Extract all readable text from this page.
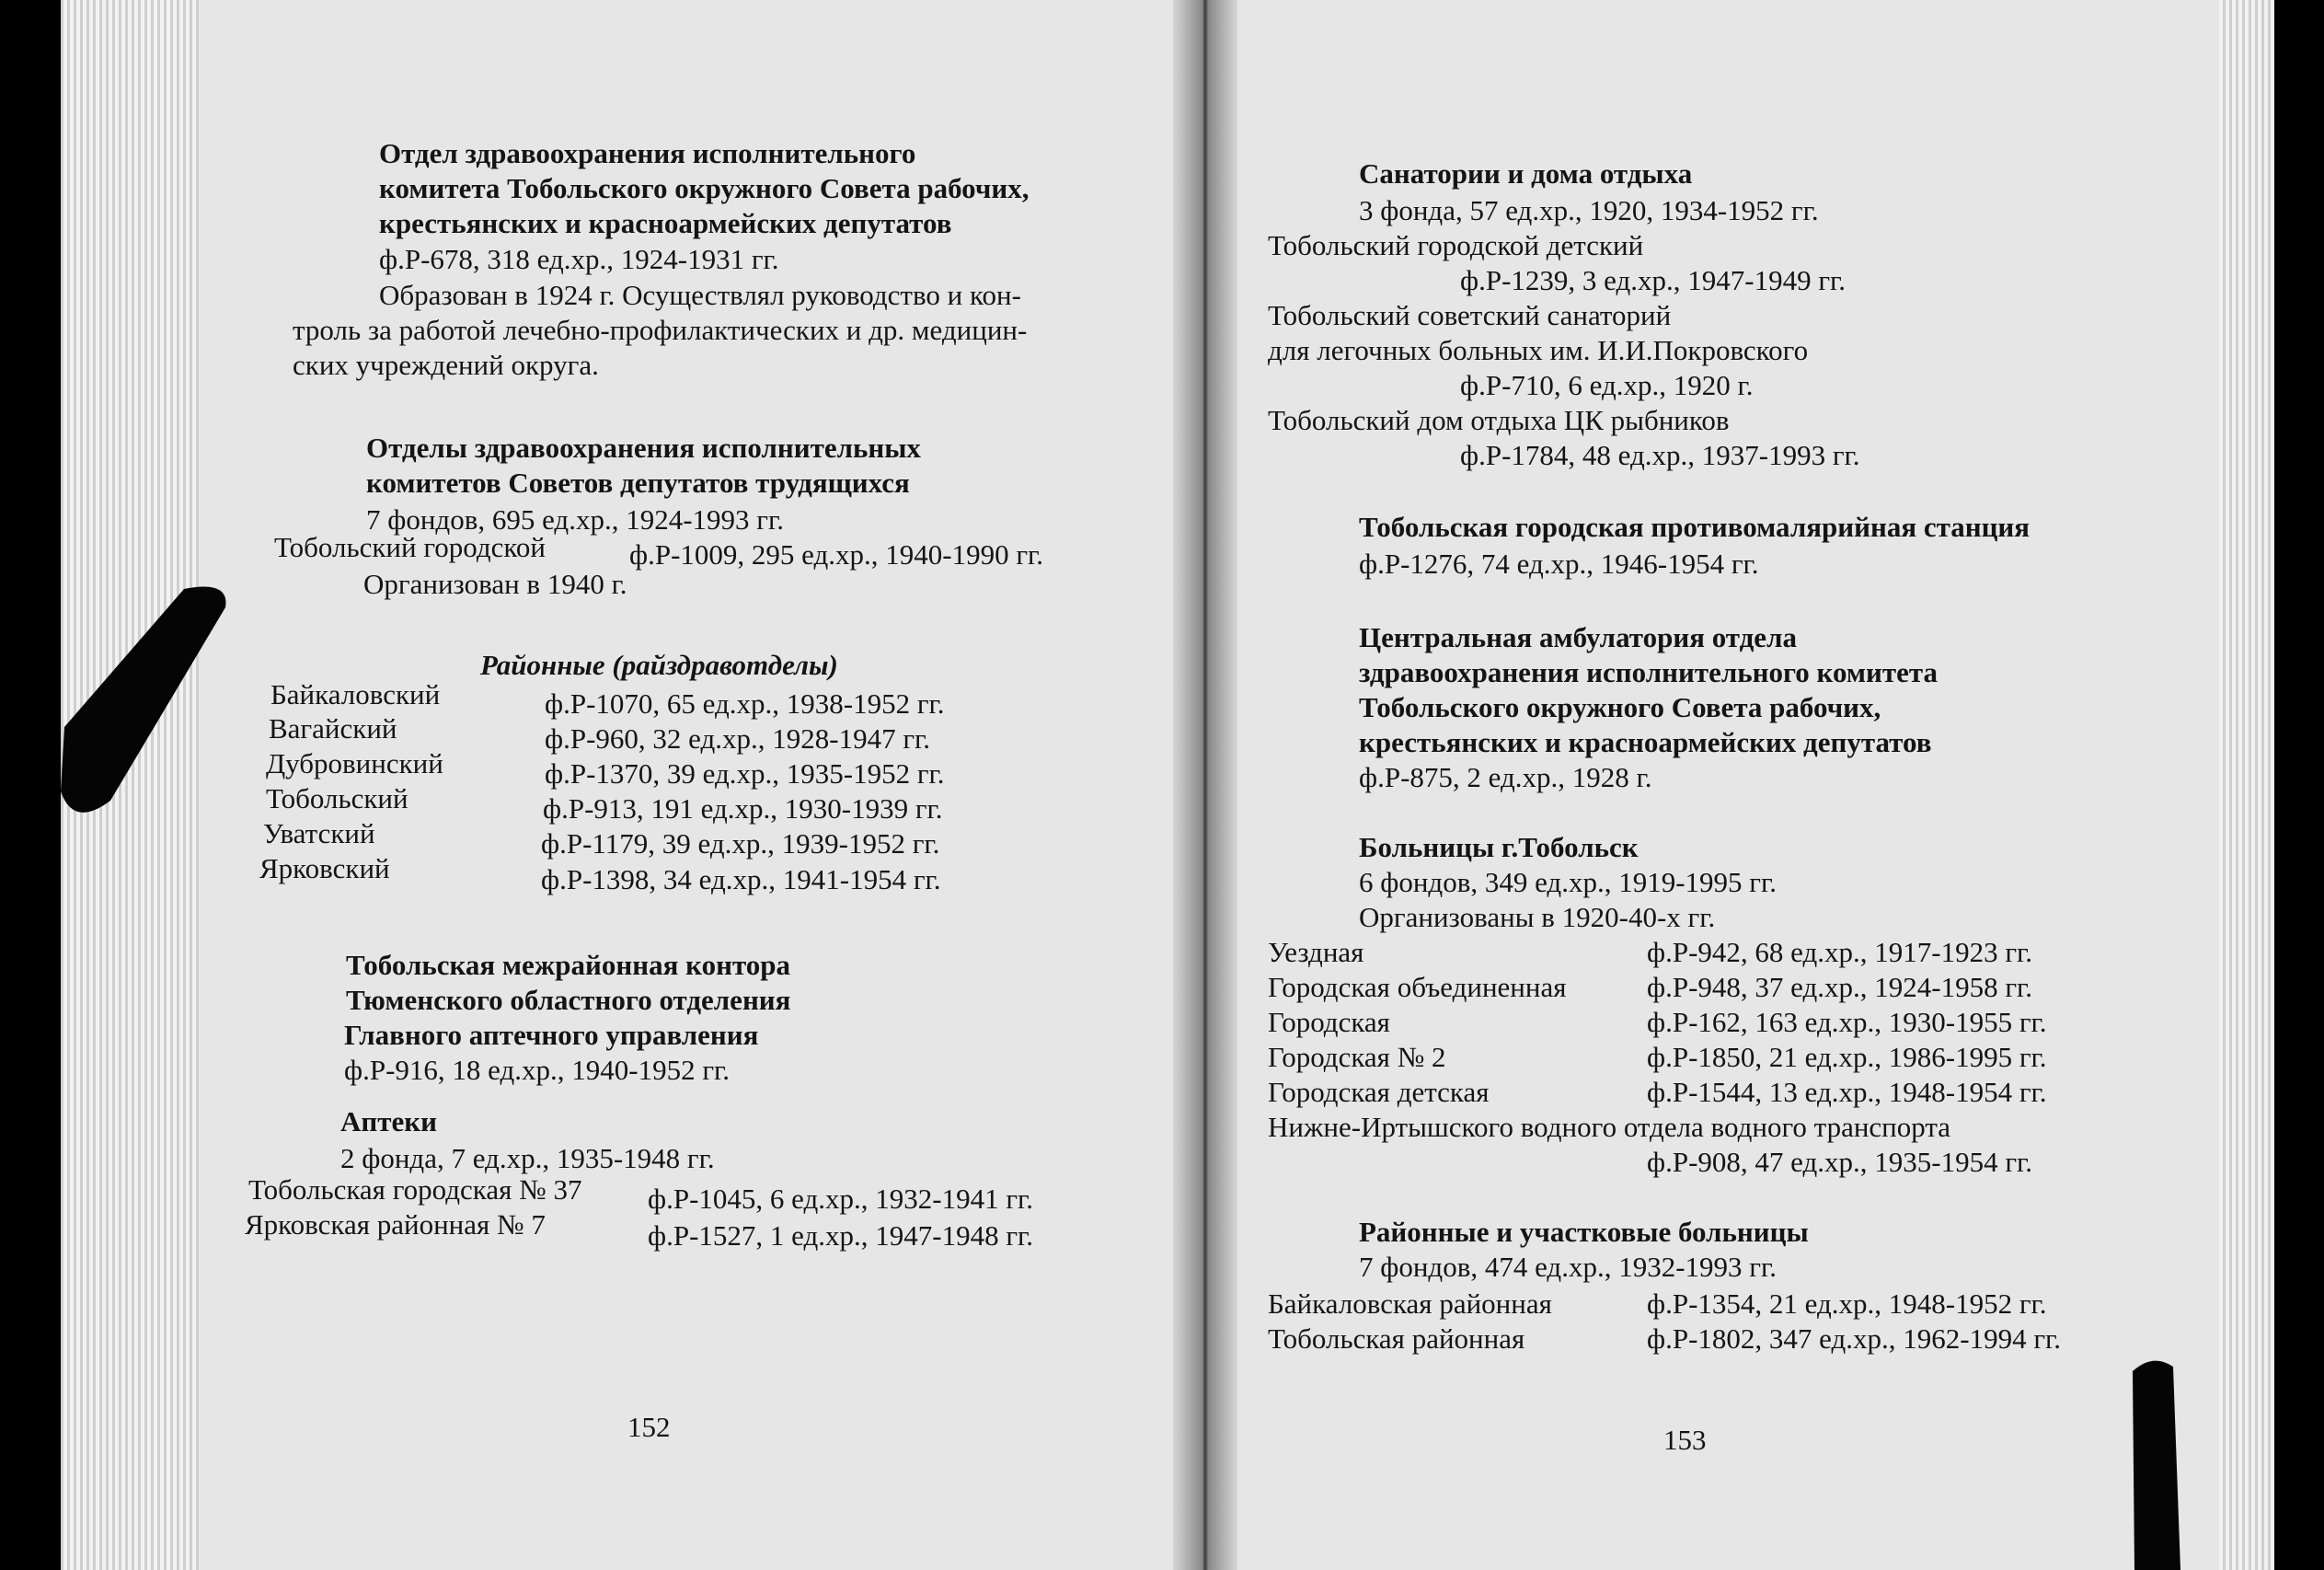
Отдел здравоохранения исполнительного
комитета Тобольского окружного Совета рабочих,
крестьянских и красноармейских депутатов
ф.Р-678, 318 ед.хр., 1924-1931 гг.
Образован в 1924 г. Осуществлял руководство и кон-
троль за работой лечебно-профилактических и др. медицин-
ских учреждений округа.
Отделы здравоохранения исполнительных
комитетов Советов депутатов трудящихся
7 фондов, 695 ед.хр., 1924-1993 гг.
Тобольский городской	ф.Р-1009, 295 ед.хр., 1940-1990 гг.
Организован в 1940 г.
Районные (райздравотделы)
Байкаловский	ф.Р-1070, 65 ед.хр., 1938-1952 гг.
Вагайский	ф.Р-960, 32 ед.хр., 1928-1947 гг.
Дубровинский	ф.Р-1370, 39 ед.хр., 1935-1952 гг.
Тобольский	ф.Р-913, 191 ед.хр., 1930-1939 гг.
Уватский	ф.Р-1179, 39 ед.хр., 1939-1952 гг.
Ярковский	ф.Р-1398, 34 ед.хр., 1941-1954 гг.
Тобольская межрайонная контора
Тюменского областного отделения
Главного аптечного управления
ф.Р-916, 18 ед.хр., 1940-1952 гг.
Аптеки
2 фонда, 7 ед.хр., 1935-1948 гг.
Тобольская городская № 37 ф.Р-1045, 6 ед.хр., 1932-1941 гг.
Ярковская районная № 7	ф.Р-1527, 1 ед.хр., 1947-1948 гг.
152
Санатории и дома отдыха
3 фонда, 57 ед.хр., 1920, 1934-1952 гг.
Тобольский городской детский
ф.Р-1239, 3 ед.хр., 1947-1949 гг.
Тобольский советский санаторий
для легочных больных им. И.И.Покровского
ф.Р-710, 6 ед.хр., 1920 г.
Тобольский дом отдыха ЦК рыбников
ф.Р-1784, 48 ед.хр., 1937-1993 гг.
Тобольская городская противомалярийная станция
ф.Р-1276, 74 ед.хр., 1946-1954 гг.
Центральная амбулатория отдела
здравоохранения исполнительного комитета
Тобольского окружного Совета рабочих,
крестьянских и красноармейских депутатов
ф.Р-875, 2 ед.хр., 1928 г.
Больницы г.Тобольск
6 фондов, 349 ед.хр., 1919-1995 гг.
Организованы в 1920-40-х гг.
Уездная	ф.Р-942, 68 ед.хр., 1917-1923 гг.
Городская объединенная	ф.Р-948, 37 ед.хр., 1924-1958 гг.
Городская	ф.Р-162, 163 ед.хр., 1930-1955 гг.
Городская № 2	ф.Р-1850, 21 ед.хр., 1986-1995 гг.
Городская детская	ф.Р-1544, 13 ед.хр., 1948-1954 гг.
Нижне-Иртышского водного отдела водного транспорта
ф.Р-908, 47 ед.хр., 1935-1954 гг.
Районные и участковые больницы
7 фондов, 474 ед.хр., 1932-1993 гг.
Байкаловская районная	ф.Р-1354, 21 ед.хр., 1948-1952 гг.
Тобольская районная	ф.Р-1802, 347 ед.хр., 1962-1994 гг.
153
